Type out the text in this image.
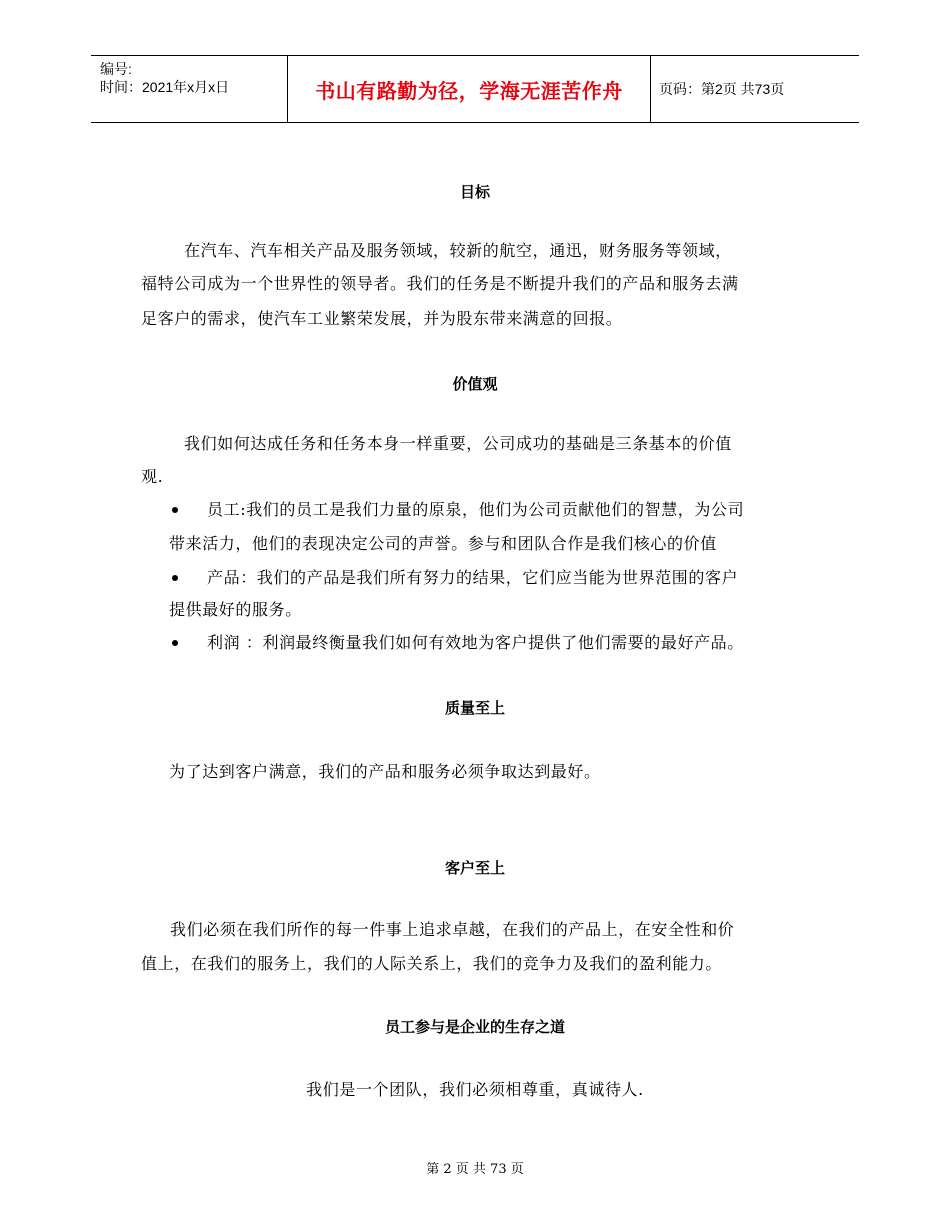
编号:
时间：2021年x月x日	书山有路勤为径，学海无涯苦作舟	页码：第2页 共73页
目标
在汽车、汽车相关产品及服务领域，较新的航空，通迅，财务服务等领域，
福特公司成为一个世界性的领导者。我们的任务是不断提升我们的产品和服务去满
足客户的需求，使汽车工业繁荣发展，并为股东带来满意的回报。
价值观
我们如何达成任务和任务本身一样重要，公司成功的基础是三条基本的价值
观.
员工:我们的员工是我们力量的原泉，他们为公司贡献他们的智慧，为公司
带来活力，他们的表现决定公司的声誉。参与和团队合作是我们核心的价值
产品：我们的产品是我们所有努力的结果，它们应当能为世界范围的客户
提供最好的服务。
利润 ：利润最终衡量我们如何有效地为客户提供了他们需要的最好产品。
质量至上
为了达到客户满意，我们的产品和服务必须争取达到最好。
客户至上
我们必须在我们所作的每一件事上追求卓越，在我们的产品上，在安全性和价
值上，在我们的服务上，我们的人际关系上，我们的竞争力及我们的盈利能力。
员工参与是企业的生存之道
我们是一个团队，我们必须相尊重，真诚待人.
第 2 页 共 73 页
